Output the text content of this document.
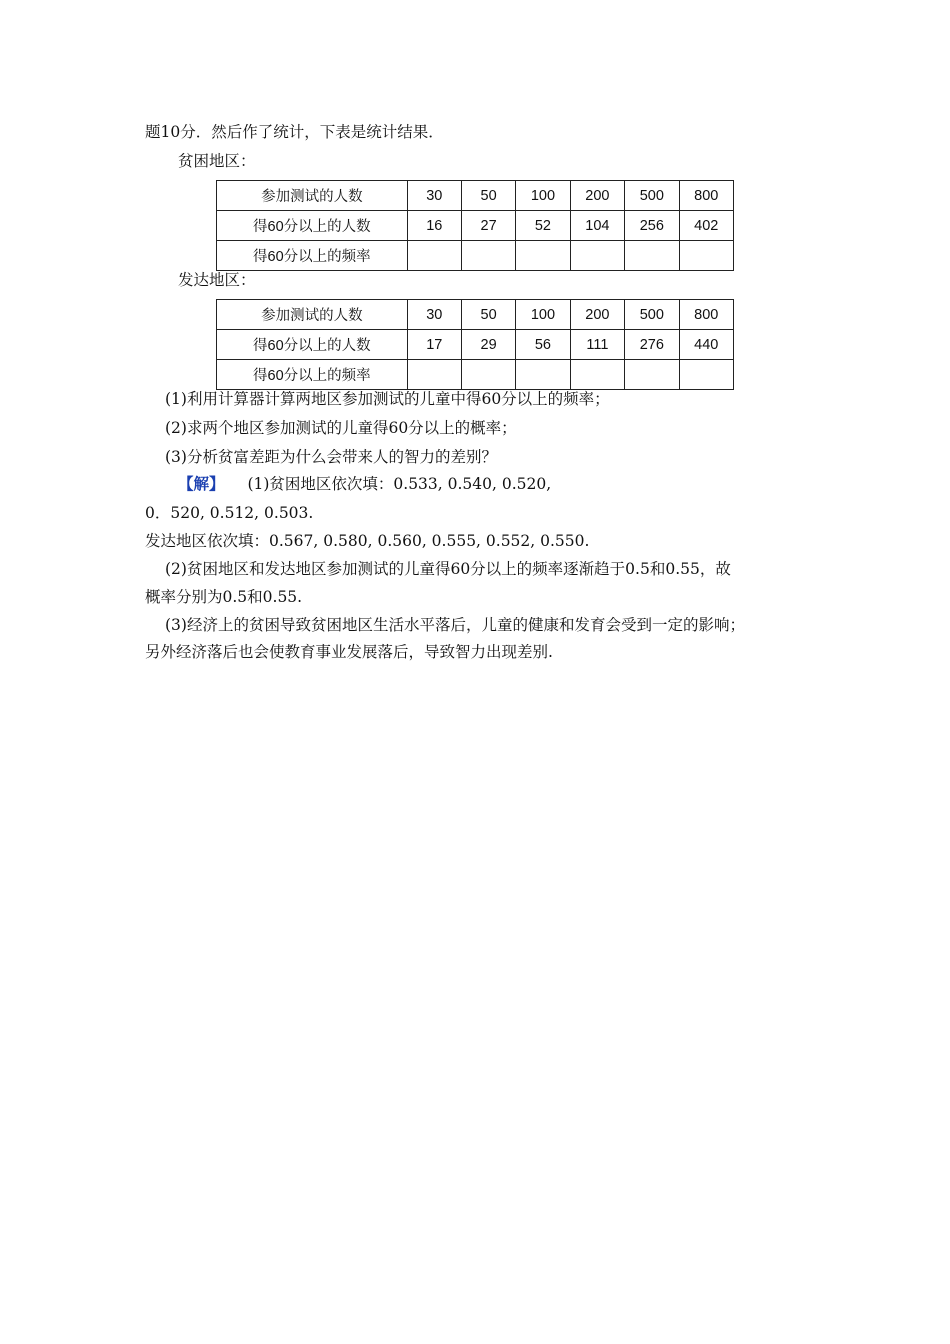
题10分．然后作了统计，下表是统计结果．
贫困地区：
参加测试的人数	30	50	100	200	500	800
得60分以上的人数	16	27	52	104	256	402
得60分以上的频率						
发达地区：
参加测试的人数	30	50	100	200	500	800
得60分以上的人数	17	29	56	111	276	440
得60分以上的频率						
(1)利用计算器计算两地区参加测试的儿童中得60分以上的频率；
(2)求两个地区参加测试的儿童得60分以上的概率；
(3)分析贫富差距为什么会带来人的智力的差别？
【解】 (1)贫困地区依次填：0.533, 0.540, 0.520,
0．520, 0.512, 0.503.
发达地区依次填：0.567, 0.580, 0.560, 0.555, 0.552, 0.550.
(2)贫困地区和发达地区参加测试的儿童得60分以上的频率逐渐趋于0.5和0.55，故
概率分别为0.5和0.55.
(3)经济上的贫困导致贫困地区生活水平落后，儿童的健康和发育会受到一定的影响；
另外经济落后也会使教育事业发展落后，导致智力出现差别.
